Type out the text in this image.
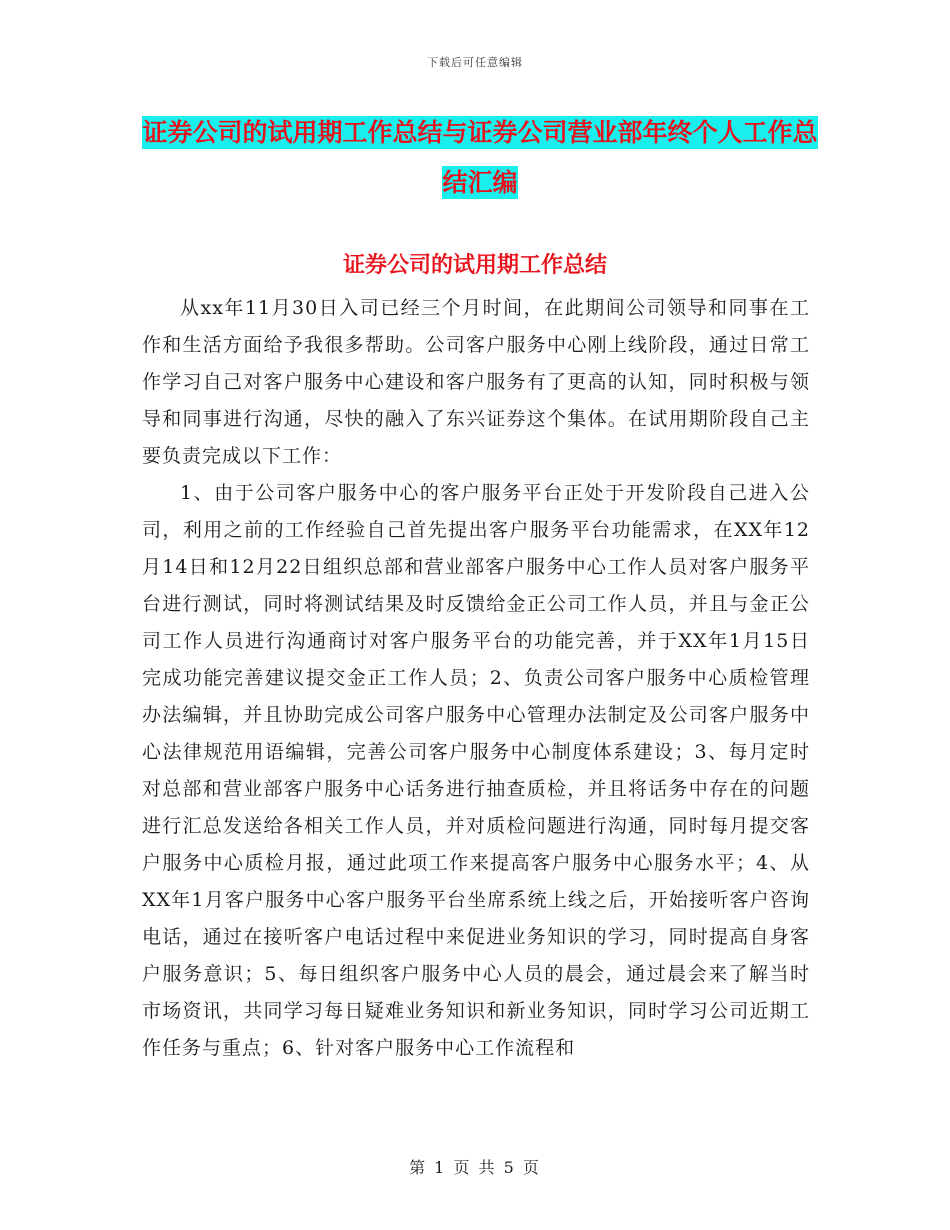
下载后可任意编辑
证券公司的试用期工作总结与证券公司营业部年终个人工作总结汇编
证券公司的试用期工作总结

从xx年11月30日入司已经三个月时间，在此期间公司领导和同事在工作和生活方面给予我很多帮助。公司客户服务中心刚上线阶段，通过日常工作学习自己对客户服务中心建设和客户服务有了更高的认知，同时积极与领导和同事进行沟通，尽快的融入了东兴证券这个集体。在试用期阶段自己主要负责完成以下工作：

1、由于公司客户服务中心的客户服务平台正处于开发阶段自己进入公司，利用之前的工作经验自己首先提出客户服务平台功能需求，在XX年12月14日和12月22日组织总部和营业部客户服务中心工作人员对客户服务平台进行测试，同时将测试结果及时反馈给金正公司工作人员，并且与金正公司工作人员进行沟通商讨对客户服务平台的功能完善，并于XX年1月15日完成功能完善建议提交金正工作人员；2、负责公司客户服务中心质检管理办法编辑，并且协助完成公司客户服务中心管理办法制定及公司客户服务中心法律规范用语编辑，完善公司客户服务中心制度体系建设；3、每月定时对总部和营业部客户服务中心话务进行抽查质检，并且将话务中存在的问题进行汇总发送给各相关工作人员，并对质检问题进行沟通，同时每月提交客户服务中心质检月报，通过此项工作来提高客户服务中心服务水平；4、从XX年1月客户服务中心客户服务平台坐席系统上线之后，开始接听客户咨询电话，通过在接听客户电话过程中来促进业务知识的学习，同时提高自身客户服务意识；5、每日组织客户服务中心人员的晨会，通过晨会来了解当时市场资讯，共同学习每日疑难业务知识和新业务知识，同时学习公司近期工作任务与重点；6、针对客户服务中心工作流程和

第 1 页 共 5 页
